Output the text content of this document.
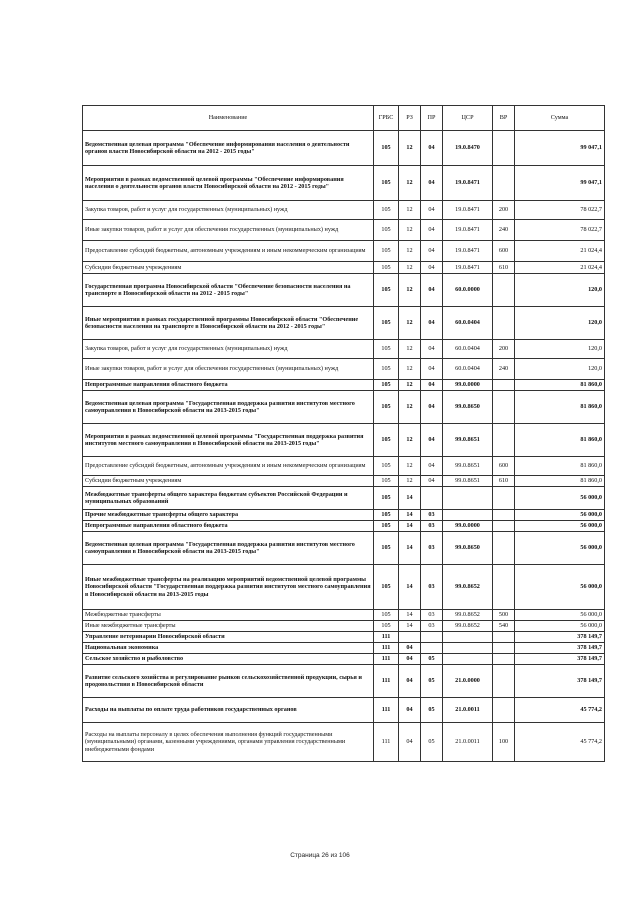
Наименование	ГРБС	РЗ	ПР	ЦСР	ВР	Сумма
Ведомственная целевая программа "Обеспечение информирования населения о деятельности органов власти Новосибирской области на 2012 - 2015 годы"	105	12	04	19.0.8470		99 047,1
Мероприятия в рамках ведомственной целевой программы "Обеспечение информирования населения о деятельности органов власти Новосибирской области на 2012 - 2015 годы"	105	12	04	19.0.8471		99 047,1
Закупка товаров, работ и услуг для государственных (муниципальных) нужд	105	12	04	19.0.8471	200	78 022,7
Иные закупки товаров, работ и услуг для обеспечения государственных (муниципальных) нужд	105	12	04	19.0.8471	240	78 022,7
Предоставление субсидий бюджетным, автономным учреждениям и иным некоммерческим организациям	105	12	04	19.0.8471	600	21 024,4
Субсидии бюджетным учреждениям	105	12	04	19.0.8471	610	21 024,4
Государственная программа Новосибирской области "Обеспечение безопасности населения на транспорте в Новосибирской области на 2012 - 2015 годы"	105	12	04	60.0.0000		120,0
Иные мероприятия в рамках государственной программы Новосибирской области "Обеспечение безопасности населения на транспорте в Новосибирской области на 2012 - 2015 годы"	105	12	04	60.0.0404		120,0
Закупка товаров, работ и услуг для государственных (муниципальных) нужд	105	12	04	60.0.0404	200	120,0
Иные закупки товаров, работ и услуг для обеспечения государственных (муниципальных) нужд	105	12	04	60.0.0404	240	120,0
Непрограммные направления областного бюджета	105	12	04	99.0.0000		81 860,0
Ведомственная целевая программа "Государственная поддержка развития институтов местного самоуправления в Новосибирской области на 2013-2015 годы"	105	12	04	99.0.8650		81 860,0
Мероприятия в рамках ведомственной целевой программы "Государственная поддержка развития институтов местного самоуправления в Новосибирской области на 2013-2015 годы"	105	12	04	99.0.8651		81 860,0
Предоставление субсидий бюджетным, автономным учреждениям и иным некоммерческим организациям	105	12	04	99.0.8651	600	81 860,0
Субсидии бюджетным учреждениям	105	12	04	99.0.8651	610	81 860,0
Межбюджетные трансферты общего характера бюджетам субъектов Российской Федерации и муниципальных образований	105	14				56 000,0
Прочие межбюджетные трансферты общего характера	105	14	03			56 000,0
Непрограммные направления областного бюджета	105	14	03	99.0.0000		56 000,0
Ведомственная целевая программа "Государственная поддержка развития институтов местного самоуправления в Новосибирской области на 2013-2015 годы"	105	14	03	99.0.8650		56 000,0
Иные межбюджетные трансферты на реализацию мероприятий ведомственной целевой программы Новосибирской области "Государственная поддержка развития институтов местного самоуправления в Новосибирской области на 2013-2015 годы	105	14	03	99.0.8652		56 000,0
Межбюджетные трансферты	105	14	03	99.0.8652	500	56 000,0
Иные межбюджетные трансферты	105	14	03	99.0.8652	540	56 000,0
Управление ветеринарии Новосибирской области	111					378 149,7
Национальная экономика	111	04				378 149,7
Сельское хозяйство и рыболовство	111	04	05			378 149,7
Развитие сельского хозяйства и регулирование рынков сельскохозяйственной продукции, сырья и продовольствия в Новосибирской области	111	04	05	21.0.0000		378 149,7
Расходы на выплаты по оплате труда работников государственных органов	111	04	05	21.0.0011		45 774,2
Расходы на выплаты персоналу в целях обеспечения выполнения функций государственными (муниципальными) органами, казенными учреждениями, органами управления государственными внебюджетными фондами	111	04	05	21.0.0011	100	45 774,2
Страница 26 из 106
